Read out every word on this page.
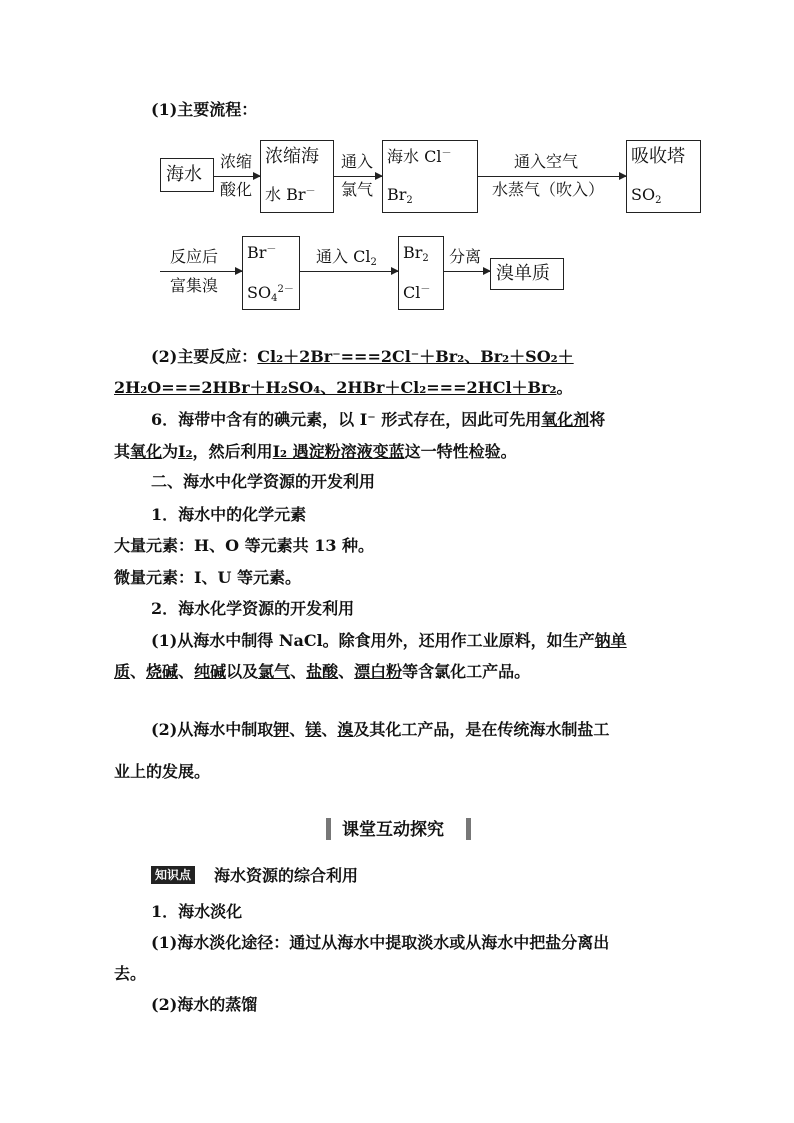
(1)主要流程：
海水
浓缩
酸化
浓缩海
水 Br－
通入
氯气
海水 Cl－
$Br_2$
通入空气
水蒸气（吹入）
吸收塔
$SO_2$
反应后
富集溴
Br－
$SO_4^{2-}$
通入 $Cl_2$
$Br_2$
Cl－
分离
溴单质
(2)主要反应：Cl₂＋2Br⁻===2Cl⁻＋Br₂、Br₂＋SO₂＋
2H₂O===2HBr＋H₂SO₄、2HBr＋Cl₂===2HCl＋Br₂。
6．海带中含有的碘元素，以 I⁻ 形式存在，因此可先用氧化剂将
其氧化为I₂，然后利用I₂ 遇淀粉溶液变蓝这一特性检验。
二、海水中化学资源的开发利用
1．海水中的化学元素
大量元素：H、O 等元素共 13 种。
微量元素：I、U 等元素。
2．海水化学资源的开发利用
(1)从海水中制得 NaCl。除食用外，还用作工业原料，如生产钠单
质、烧碱、纯碱以及氯气、盐酸、漂白粉等含氯化工产品。
(2)从海水中制取钾、镁、溴及其化工产品，是在传统海水制盐工
业上的发展。
课堂互动探究
知识点 海水资源的综合利用
1．海水淡化
(1)海水淡化途径：通过从海水中提取淡水或从海水中把盐分离出
去。
(2)海水的蒸馏
